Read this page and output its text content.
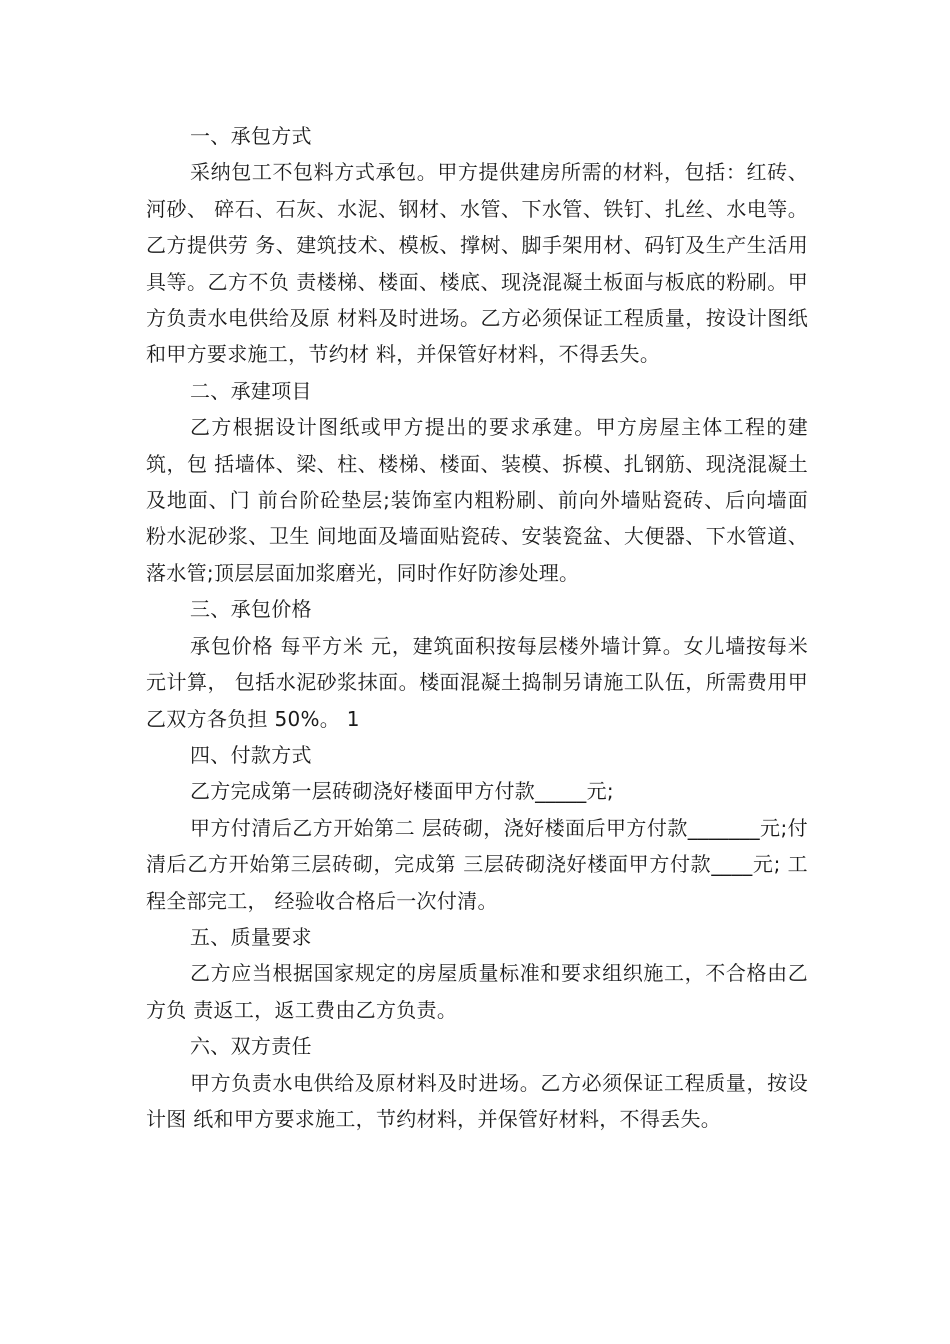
一、承包方式

采纳包工不包料方式承包。甲方提供建房所需的材料，包括：红砖、河砂、 碎石、石灰、水泥、钢材、水管、下水管、铁钉、扎丝、水电等。乙方提供劳 务、建筑技术、模板、撑树、脚手架用材、码钉及生产生活用具等。乙方不负 责楼梯、楼面、楼底、现浇混凝土板面与板底的粉刷。甲方负责水电供给及原 材料及时进场。乙方必须保证工程质量，按设计图纸和甲方要求施工，节约材 料，并保管好材料，不得丢失。

二、承建项目

乙方根据设计图纸或甲方提出的要求承建。甲方房屋主体工程的建筑，包 括墙体、梁、柱、楼梯、楼面、装模、拆模、扎钢筋、现浇混凝土及地面、门 前台阶砼垫层;装饰室内粗粉刷、前向外墙贴瓷砖、后向墙面粉水泥砂浆、卫生 间地面及墙面贴瓷砖、安装瓷盆、大便器、下水管道、落水管;顶层层面加浆磨光，同时作好防渗处理。

三、承包价格

承包价格 每平方米 元，建筑面积按每层楼外墙计算。女儿墙按每米 元计算， 包括水泥砂浆抹面。楼面混凝土捣制另请施工队伍，所需费用甲乙双方各负担 50%。 1

四、付款方式

乙方完成第一层砖砌浇好楼面甲方付款_____元;

甲方付清后乙方开始第二 层砖砌，浇好楼面后甲方付款_______元;付清后乙方开始第三层砖砌，完成第 三层砖砌浇好楼面甲方付款____元; 工程全部完工， 经验收合格后一次付清。

五、质量要求

乙方应当根据国家规定的房屋质量标准和要求组织施工，不合格由乙方负 责返工，返工费由乙方负责。

六、双方责任

甲方负责水电供给及原材料及时进场。乙方必须保证工程质量，按设计图 纸和甲方要求施工，节约材料，并保管好材料，不得丢失。
